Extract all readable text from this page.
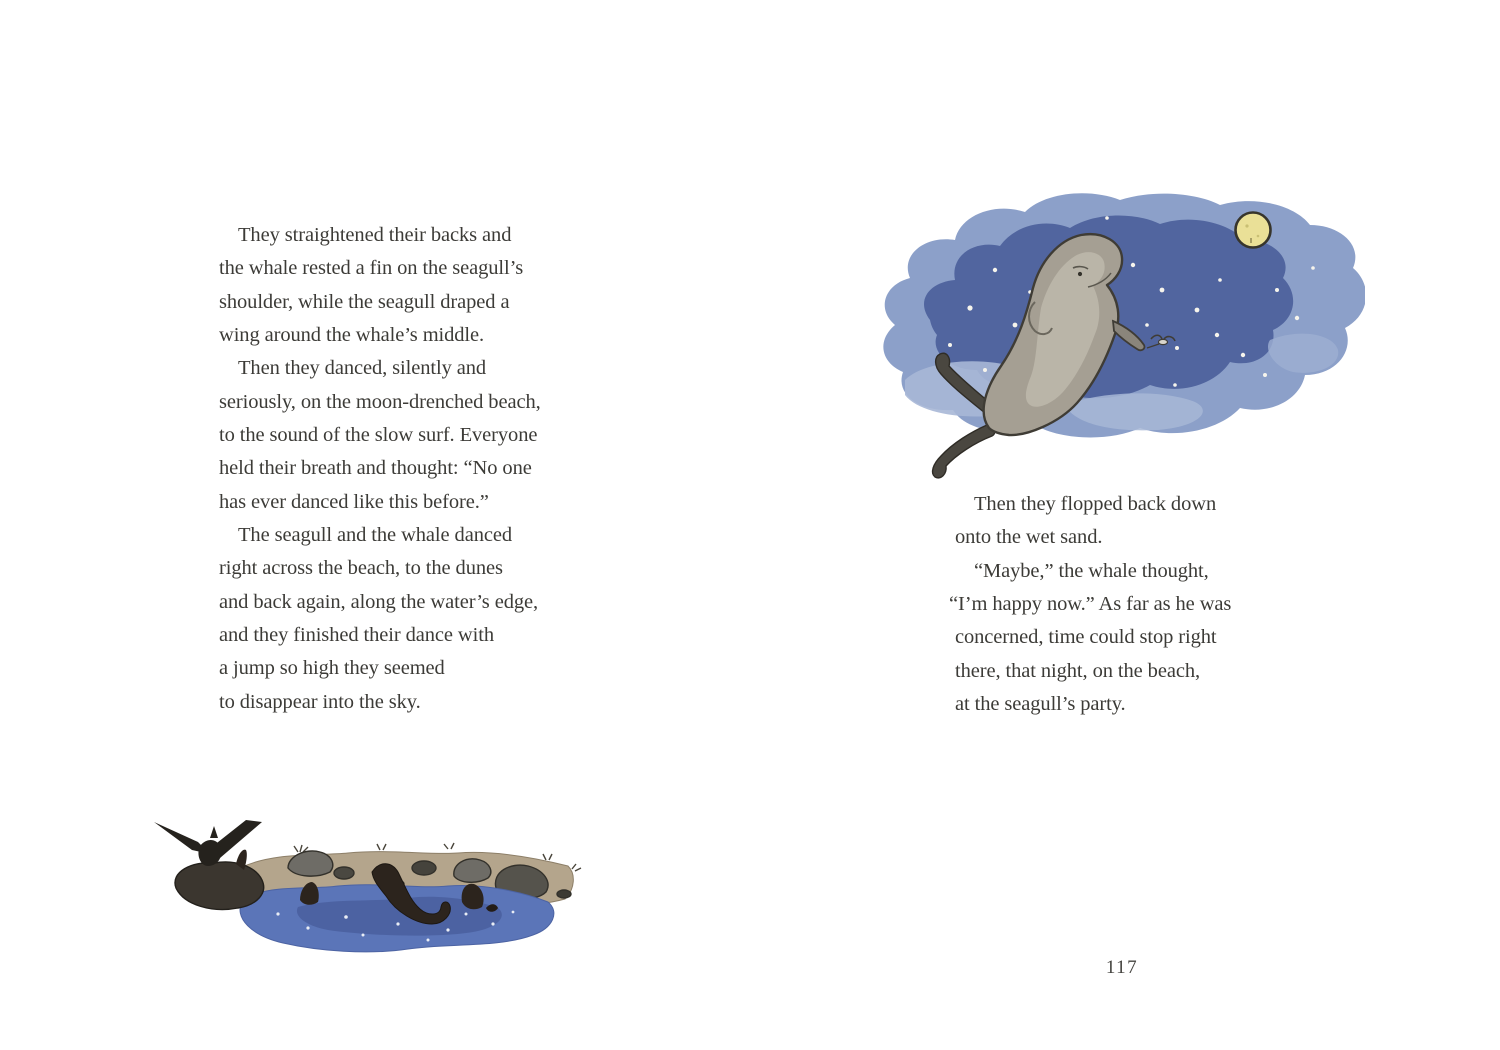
They straightened their backs and
the whale rested a fin on the seagull’s
shoulder, while the seagull draped a
wing around the whale’s middle.
Then they danced, silently and
seriously, on the moon-drenched beach,
to the sound of the slow surf. Everyone
held their breath and thought: “No one
has ever danced like this before.”
The seagull and the whale danced
right across the beach, to the dunes
and back again, along the water’s edge,
and they finished their dance with
a jump so high they seemed
to disappear into the sky.
Then they flopped back down
onto the wet sand.
“Maybe,” the whale thought,
“I’m happy now.” As far as he was
concerned, time could stop right
there, that night, on the beach,
at the seagull’s party.
117
